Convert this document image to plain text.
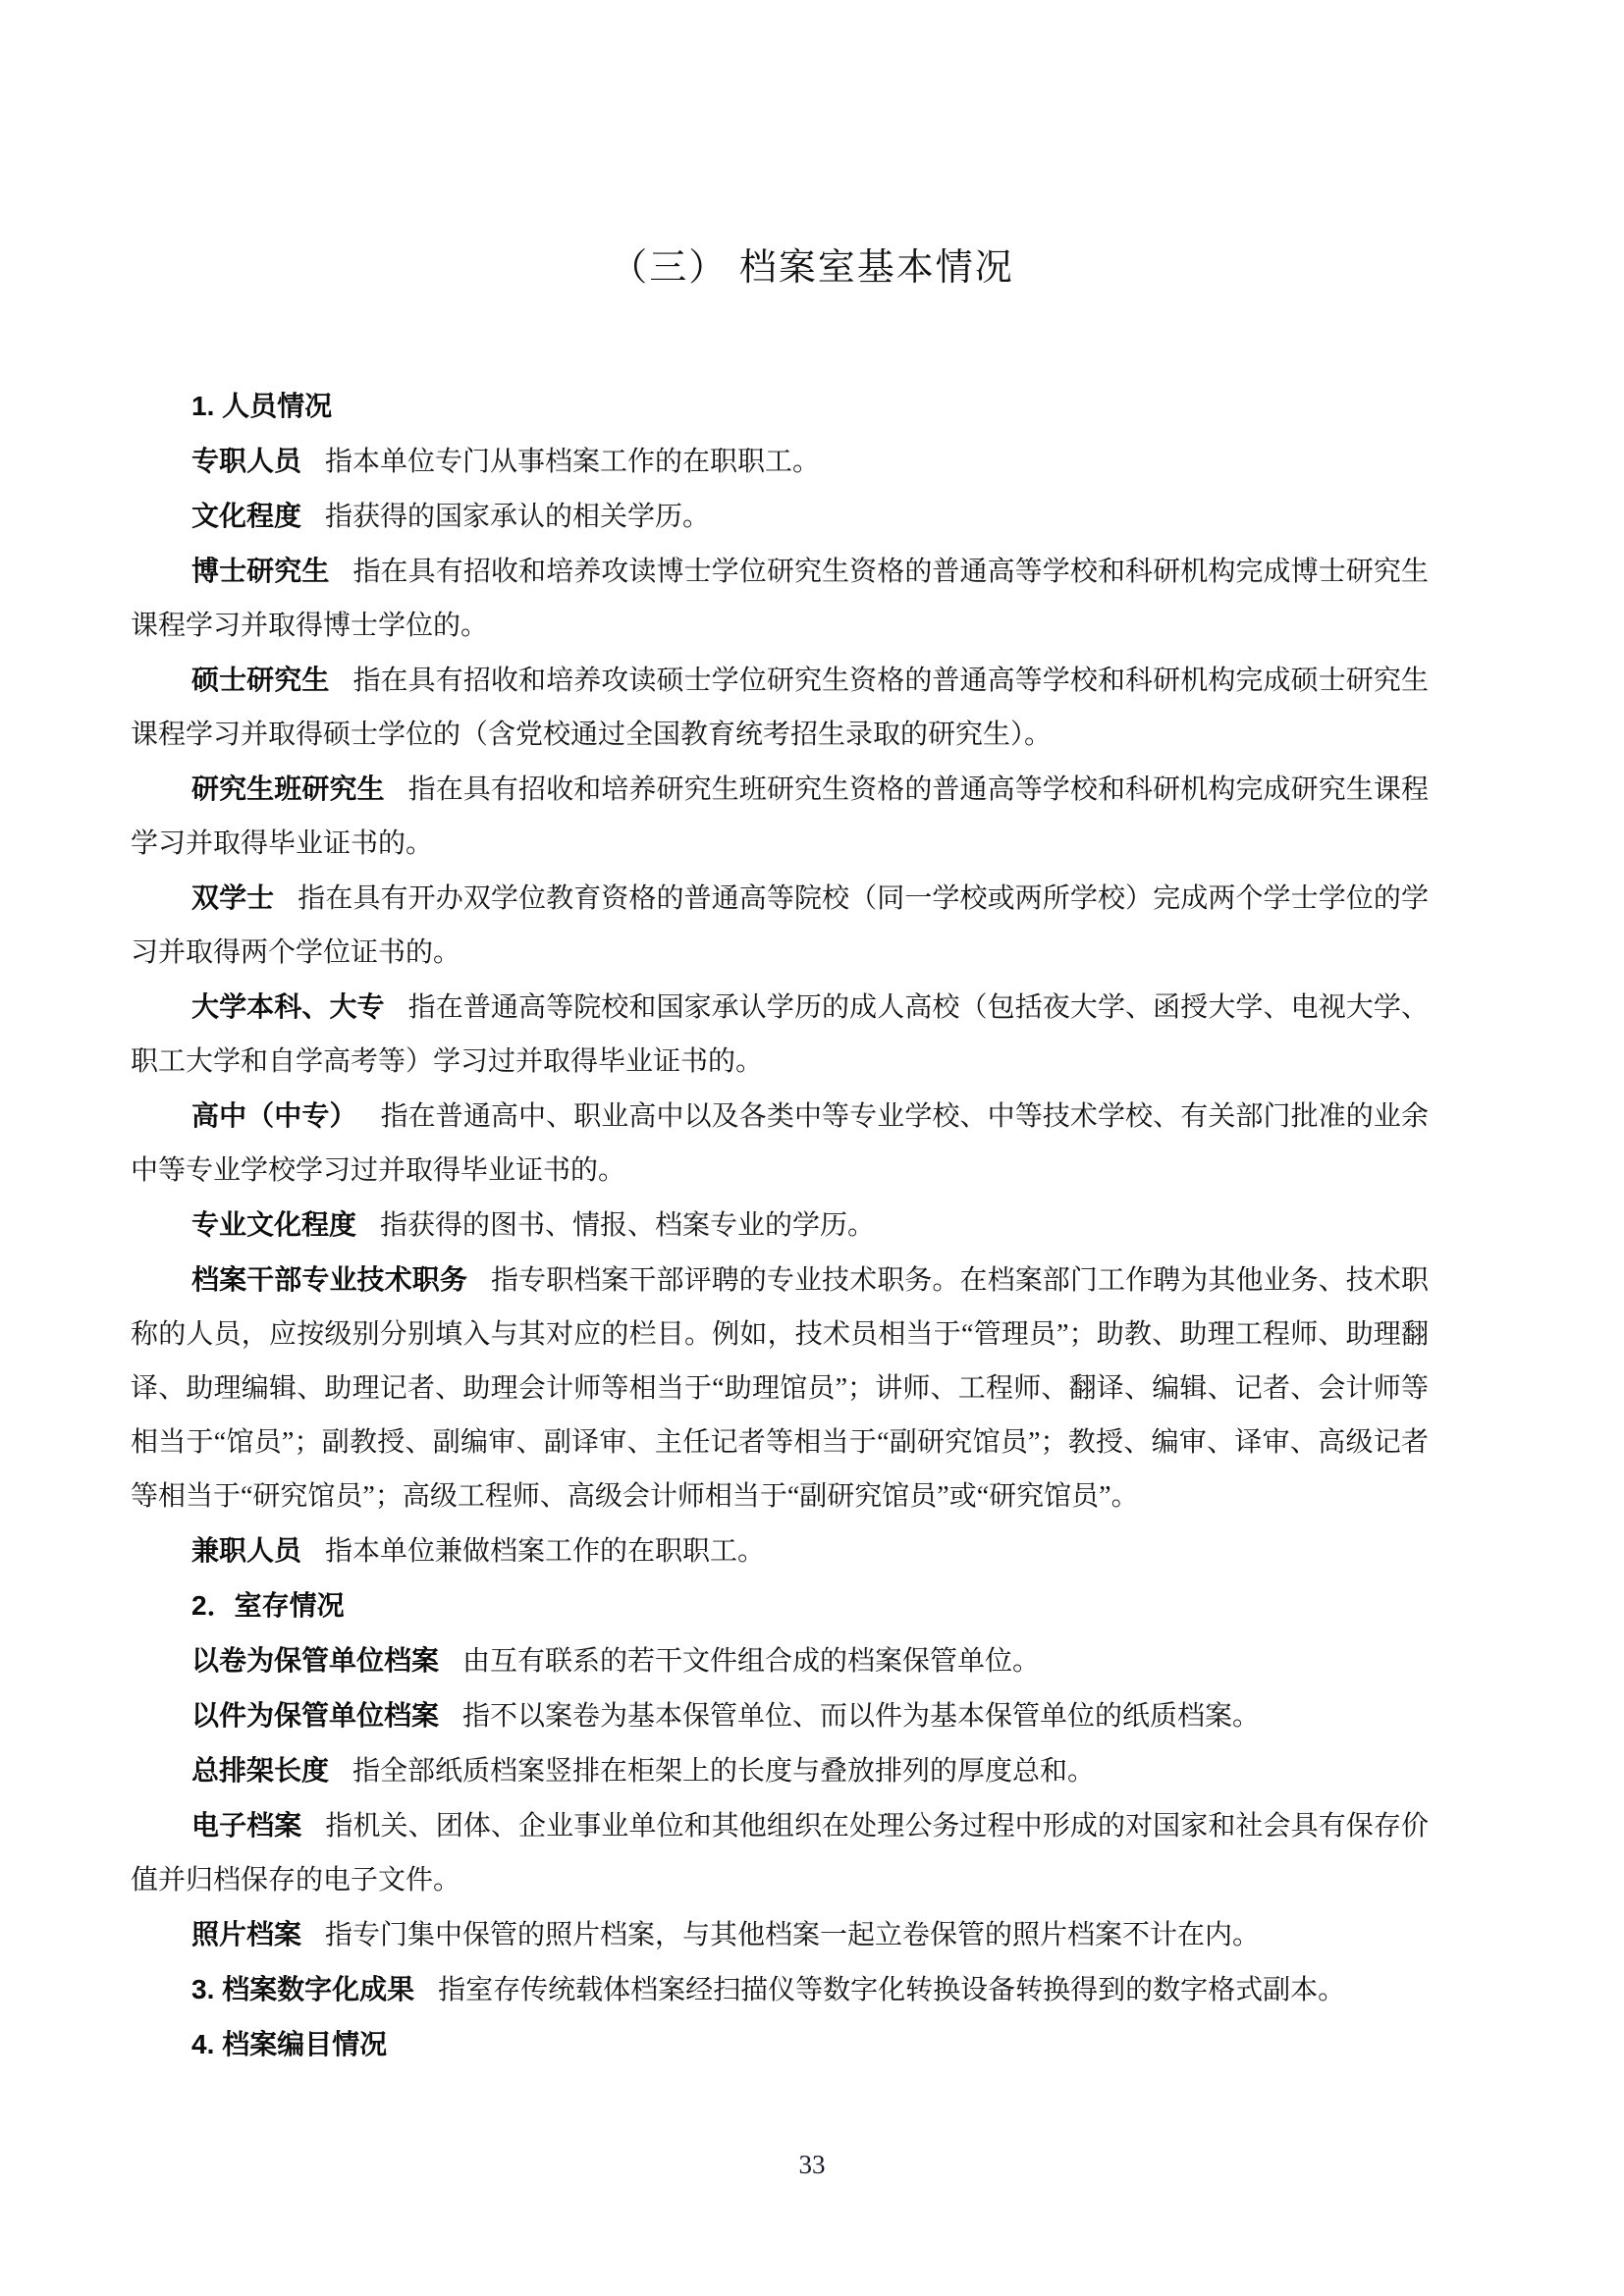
（三） 档案室基本情况

1. 人员情况

专职人员 指本单位专门从事档案工作的在职职工。

文化程度 指获得的国家承认的相关学历。

博士研究生 指在具有招收和培养攻读博士学位研究生资格的普通高等学校和科研机构完成博士研究生课程学习并取得博士学位的。

硕士研究生 指在具有招收和培养攻读硕士学位研究生资格的普通高等学校和科研机构完成硕士研究生课程学习并取得硕士学位的（含党校通过全国教育统考招生录取的研究生）。

研究生班研究生 指在具有招收和培养研究生班研究生资格的普通高等学校和科研机构完成研究生课程学习并取得毕业证书的。

双学士 指在具有开办双学位教育资格的普通高等院校（同一学校或两所学校）完成两个学士学位的学习并取得两个学位证书的。

大学本科、大专 指在普通高等院校和国家承认学历的成人高校（包括夜大学、函授大学、电视大学、职工大学和自学高考等）学习过并取得毕业证书的。

高中（中专） 指在普通高中、职业高中以及各类中等专业学校、中等技术学校、有关部门批准的业余中等专业学校学习过并取得毕业证书的。

专业文化程度 指获得的图书、情报、档案专业的学历。

档案干部专业技术职务 指专职档案干部评聘的专业技术职务。在档案部门工作聘为其他业务、技术职称的人员，应按级别分别填入与其对应的栏目。例如，技术员相当于“管理员”；助教、助理工程师、助理翻译、助理编辑、助理记者、助理会计师等相当于“助理馆员”；讲师、工程师、翻译、编辑、记者、会计师等相当于“馆员”；副教授、副编审、副译审、主任记者等相当于“副研究馆员”；教授、编审、译审、高级记者等相当于“研究馆员”；高级工程师、高级会计师相当于“副研究馆员”或“研究馆员”。

兼职人员 指本单位兼做档案工作的在职职工。

2．室存情况

以卷为保管单位档案 由互有联系的若干文件组合成的档案保管单位。

以件为保管单位档案 指不以案卷为基本保管单位、而以件为基本保管单位的纸质档案。

总排架长度 指全部纸质档案竖排在柜架上的长度与叠放排列的厚度总和。

电子档案 指机关、团体、企业事业单位和其他组织在处理公务过程中形成的对国家和社会具有保存价值并归档保存的电子文件。

照片档案 指专门集中保管的照片档案，与其他档案一起立卷保管的照片档案不计在内。

3. 档案数字化成果 指室存传统载体档案经扫描仪等数字化转换设备转换得到的数字格式副本。

4. 档案编目情况

33
